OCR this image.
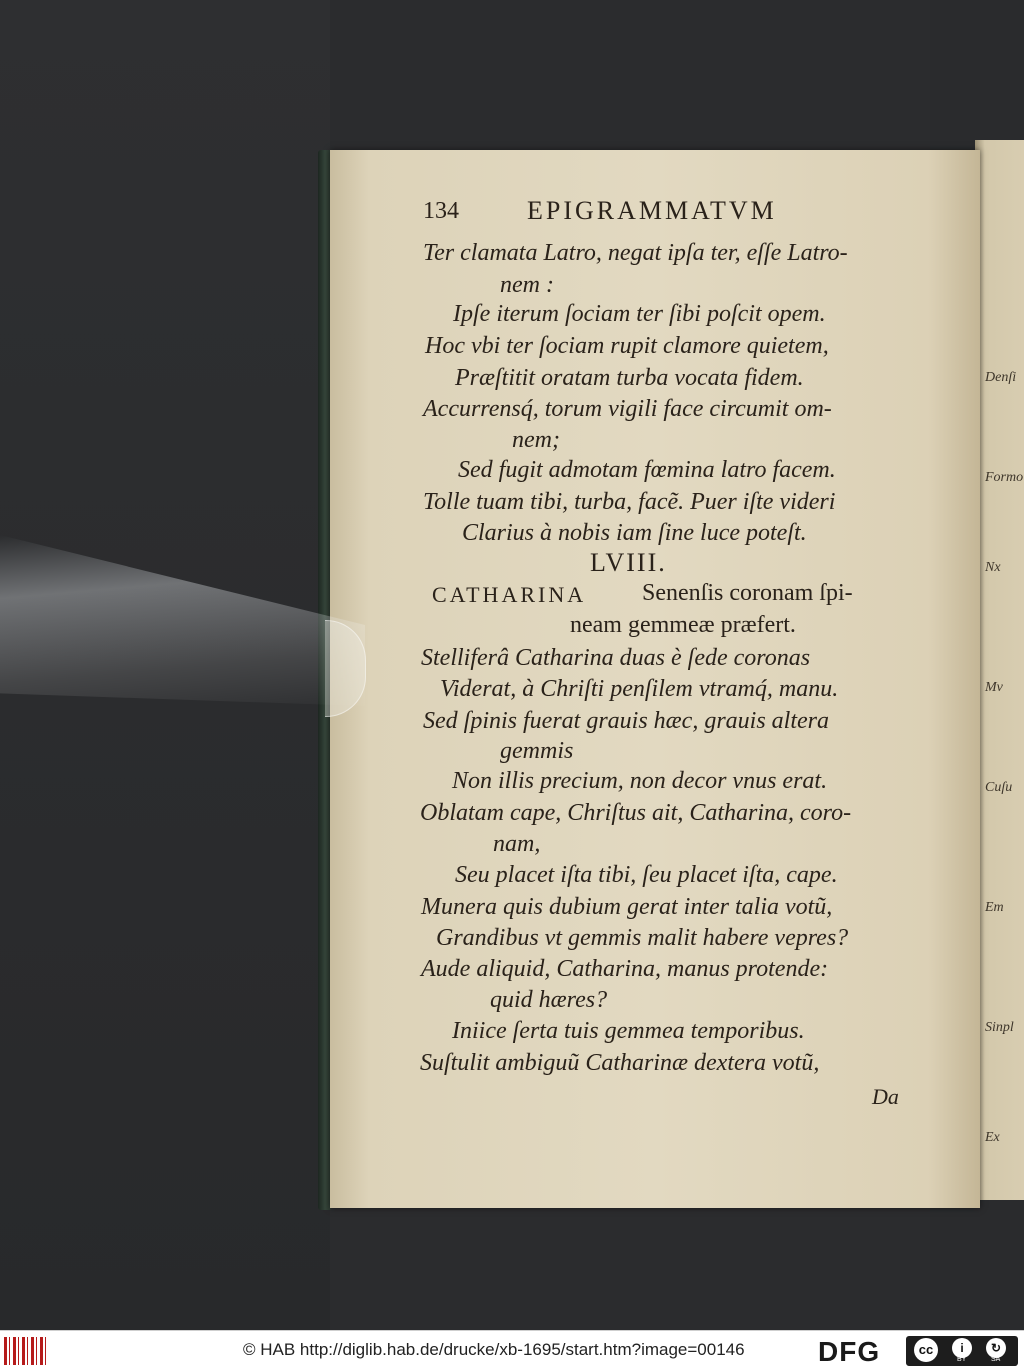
Denſi
Formo
Nx
Mv
Cuſu
Em
Sinpl
Ex
134	EPIGRAMMATVM
Ter clamata Latro, negat ipſa ter, eſſe Latro-
nem :
Ipſe iterum ſociam ter ſibi poſcit opem.
Hoc vbi ter ſociam rupit clamore quietem,
Præſtitit oratam turba vocata fidem.
Accurrensq́, torum vigili face circumit om-
nem;
Sed fugit admotam fœmina latro facem.
Tolle tuam tibi, turba, facẽ. Puer iſte videri
Clarius à nobis iam ſine luce poteſt.
LVIII.
CATHARINA Senenſis coronam ſpi-
neam gemmeæ præfert.
Stelliferâ Catharina duas è ſede coronas
Viderat, à Chriſti penſilem vtramq́, manu.
Sed ſpinis fuerat grauis hæc, grauis altera
gemmis
Non illis precium, non decor vnus erat.
Oblatam cape, Chriſtus ait, Catharina, coro-
nam,
Seu placet iſta tibi, ſeu placet iſta, cape.
Munera quis dubium gerat inter talia votũ,
Grandibus vt gemmis malit habere vepres?
Aude aliquid, Catharina, manus protende:
quid hæres?
Iniice ſerta tuis gemmea temporibus.
Suſtulit ambiguũ Catharinæ dextera votũ,
Da
© HAB http://diglib.hab.de/drucke/xb-1695/start.htm?image=00146	DFG	cc	i
BY
↻
SA
